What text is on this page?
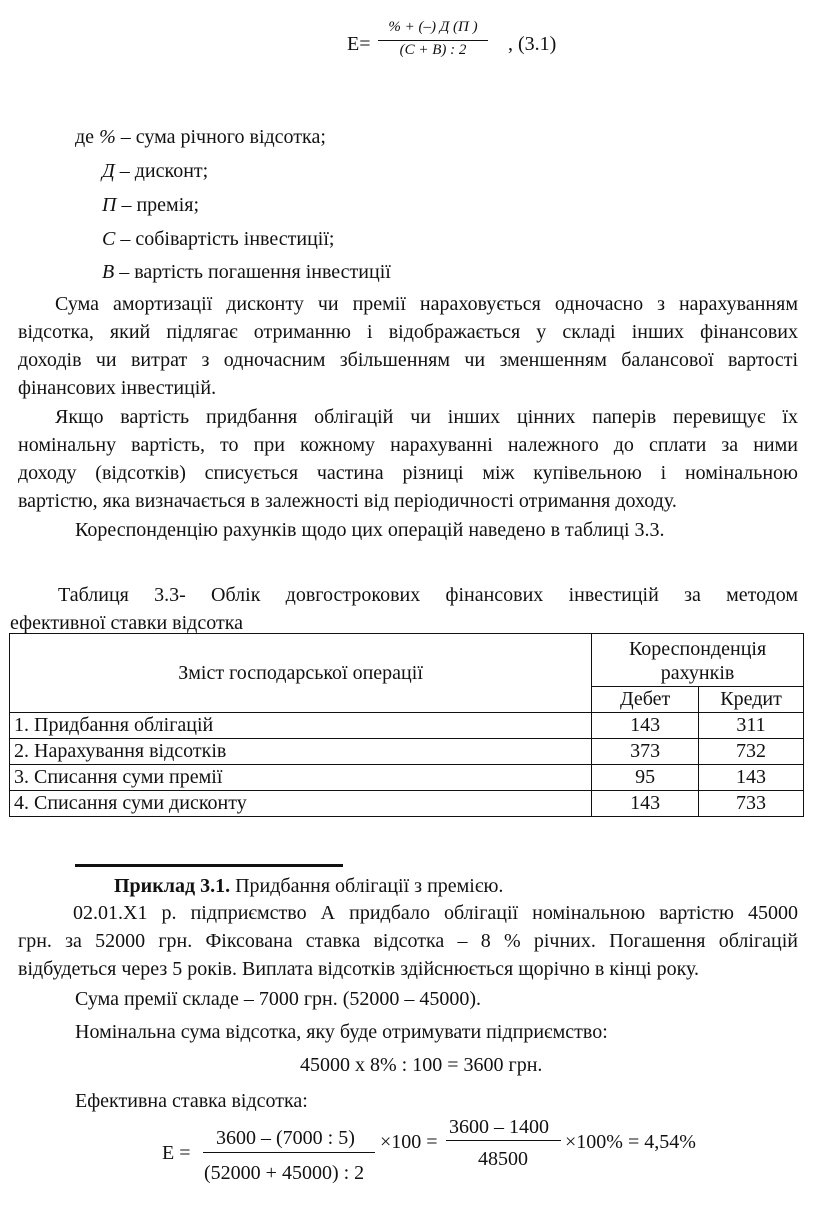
Е=
% + (–) Д (П )
(С + В) : 2	, (3.1)
де % – сума річного відсотка;
Д – дисконт;
П – премія;
С – собівартість інвестиції;
В – вартість погашення інвестиції
Сума амортизації дисконту чи премії нараховується одночасно з нарахуванням
відсотка, який підлягає отриманню і відображається у складі інших фінансових
доходів чи витрат з одночасним збільшенням чи зменшенням балансової вартості
фінансових інвестицій.
Якщо вартість придбання облігацій чи інших цінних паперів перевищує їх
номінальну вартість, то при кожному нарахуванні належного до сплати за ними
доходу (відсотків) списується частина різниці між купівельною і номінальною
вартістю, яка визначається в залежності від періодичності отримання доходу.
Кореспонденцію рахунків щодо цих операцій наведено в таблиці 3.3.
Таблиця 3.3- Облік довгострокових фінансових інвестицій за методом
ефективної ставки відсотка
Зміст господарської операції	Кореспонденція
рахунків	
	Дебет	Кредит
1. Придбання облігацій	143	311
2. Нарахування відсотків	373	732
3. Списання суми премії	95	143
4. Списання суми дисконту	143	733
Приклад 3.1. Придбання облігації з премією.
02.01.Х1 р. підприємство А придбало облігації номінальною вартістю 45000
грн. за 52000 грн. Фіксована ставка відсотка – 8 % річних. Погашення облігацій
відбудеться через 5 років. Виплата відсотків здійснюється щорічно в кінці року.
Сума премії складе – 7000 грн. (52000 – 45000).
Номінальна сума відсотка, яку буде отримувати підприємство:
45000 х 8% : 100 = 3600 грн.
Ефективна ставка відсотка:
Е =
3600 – (7000 : 5)
(52000 + 45000) : 2
×100 =
3600 – 1400
48500
×100% = 4,54%
